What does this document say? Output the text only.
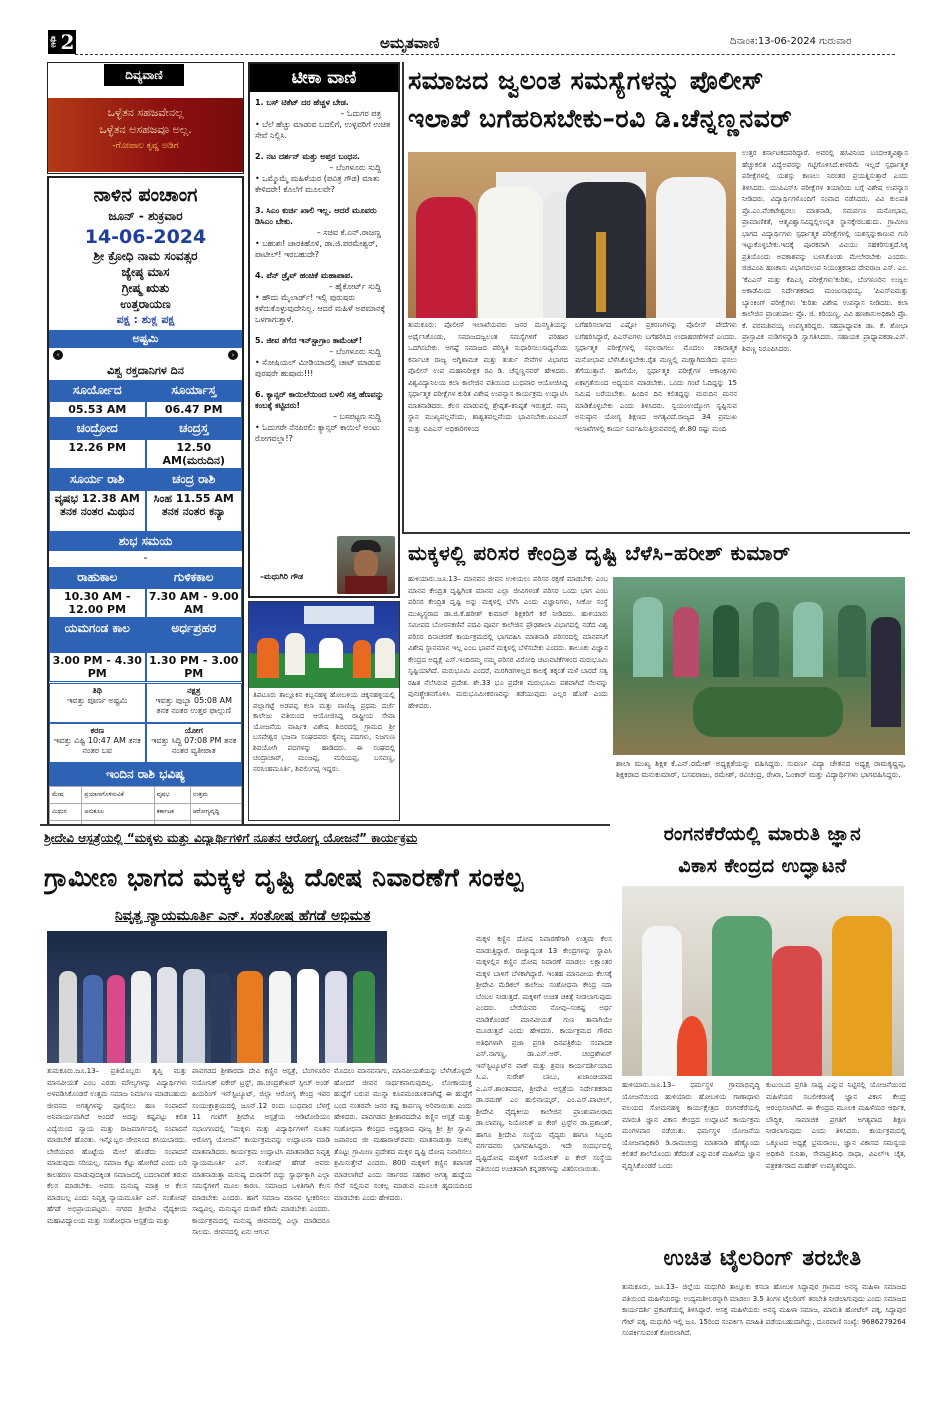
ಪುಟ 2	ಅಮೃತವಾಣಿ	ದಿನಾಂಕ:13-06-2024 ಗುರುವಾರ
ದಿವ್ಯವಾಣಿ
ಒಳ್ಳೆತನ ಸಹಜವೇನಲ್ಲ
ಒಳ್ಳೆತನ ಅಸಹಜವೂ ಅಲ್ಲ.
-ಗೋಪಾಲ ಕೃಷ್ಣ ಅಡಿಗ
ನಾಳಿನ ಪಂಚಾಂಗ
ಜೂನ್ - ಶುಕ್ರವಾರ
14-06-2024
ಶ್ರೀ ಕ್ರೋಧಿ ನಾಮ ಸಂವತ್ಸರ
ಜ್ಯೇಷ್ಠ ಮಾಸ
ಗ್ರೀಷ್ಮ ಋತು
ಉತ್ತರಾಯಣ
ಪಕ್ಷ : ಶುಕ್ಲ ಪಕ್ಷ
ಅಷ್ಟಮಿ
‹	›
ವಿಶ್ವ ರಕ್ತದಾನಿಗಳ ದಿನ
ಸೂರ್ಯೋದ	ಸೂರ್ಯಾಸ್ತ
05.53 AM	06.47 PM
ಚಂದ್ರೋದ	ಚಂದ್ರಸ್ತ
12.26 PM	12.50 AM(ಮರುದಿನ)
ಸೂರ್ಯ ರಾಶಿ	ಚಂದ್ರ ರಾಶಿ
ವೃಷಭ 12.38 AM ತನಕ ನಂತರ ಮಿಥುನ
ಸಿಂಹ 11.55 AM ತನಕ ನಂತರ ಕನ್ಯಾ
ಶುಭ ಸಮಯ
-
ರಾಹುಕಾಲ	ಗುಳಿಕಕಾಲ
10.30 AM - 12.00 PM
7.30 AM - 9.00 AM
ಯಮಗಂಡ ಕಾಲ	ಅರ್ಧಪ್ರಹರ
3.00 PM - 4.30 PM
1.30 PM - 3.00 PM
ತಿಥಿ
ಇವತ್ತು ಪೂರ್ಣ ಅಷ್ಟಮಿ
ನಕ್ಷತ್ರ
ಇವತ್ತು ಪುಬ್ಬಾ 05:08 AM ತನಕ ನಂತರ ಉತ್ತರ ಫಾಲ್ಗುಣಿ
ಕರಣ
ಇವತ್ತು ವಿಷ್ಟಿ 10:47 AM ತನಕ ನಂತರ ಬವ
ಯೋಗ
ಇವತ್ತು ಸಿದ್ಧಿ 07:08 PM ತನಕ ನಂತರ ವ್ಯತೀಪಾತ
ಇಂದಿನ ರಾಶಿ ಭವಿಷ್ಯ
ಮೇಷ	ಪ್ರಯಾಣಗೊಳಿಸುವಿಕೆ	ವೃಷಭ	ಉತ್ತಮ
ಮಿಥುನ	ಅನುಕೂಲ	ಕರ್ಕಾಟಕ	ಆರೋಗ್ಯವೃದ್ಧಿ

ಟೀಕಾ ವಾಣಿ
1. ಬಸ್ ಟಿಕೆಟ್ ದರ ಹೆಚ್ಚಳ ಬೇಡ.
– ಓದುಗರ ಪತ್ರ
• ಬೆಲೆ ಹೆಚ್ಚು ಮಾಡುವ ಬದಲಿಗೆ, ಉಳ್ಳವರಿಗೆ ಉಚಿತ ಸೇವೆ ನಿಲ್ಲಿಸಿ.
2. ನಟ ದರ್ಶನ್ ಮತ್ತು ಅಪ್ತರ ಬಂಧನ.
– ಬೆಂಗಳೂರು ಸುದ್ದಿ
• ಒಮ್ಮೊಮ್ಮೆ ಮಹಿಳೆಯರ (ಪವಿತ್ರ ಗೌಡ) ಮಾತು ಕೇಳಿದರೇ! ಕೊಲೆಗೆ ಮೂಲವೇ?
3. ಸಿಎಂ ಕುರ್ಚಿ ಖಾಲಿ ಇಲ್ಲ. ಆದರೆ ಮೂವರು ಡಿಸಿಎಂ ಬೇಕು.
– ಸಚಿವ ಕೆ.ಎನ್.ರಾಜಣ್ಣ
• ಬಹುಶಃ! ಜಾರಕಿಹೊಳಿ, ಡಾ.ಜಿ.ಪರಮೇಶ್ವರ್, ಪಾಟೀಲ್! ಇರಬಹುದೇ?
4. ಪೆನ್ ಡ್ರೈವ್ ಹಂಚಿಕೆ ಮಹಾಪಾಪ.
– ಹೈಕೋರ್ಟ್ ಸುದ್ದಿ
• ಹೌದು ಮೈಲಾರ್ಡ್! ಇಲ್ಲಿ ಪುರುಷರು ಕಳೆದುಕೊಳ್ಳುವುದೇನಿಲ್ಲ. ಆದರೆ ಮಹಿಳೆ ಅಪಮಾನಕ್ಕೆ ಒಳಗಾಗುತ್ತಾಳೆ.
5. ಜೀವ ತೆಗೆದ ಇನ್‌ಸ್ಟಾಗ್ರಾಂ ಕಾಮೆಂಟ್!
– ಬೆಂಗಳೂರು ಸುದ್ದಿ
• ಸೋಷಿಯಲ್ ಮೀಡಿಯಾದಲ್ಲಿ ಚಾಟ್ ಮಾಡುವ ಪುರಷರೇ ಹುಷಾರು!!!
6. ಕ್ಯಾನ್ಸರ್ ಕಾಯಿಲೆಯಿಂದ ಬಳಲಿ ಸತ್ತ ಹೆಣವನ್ನು ಕಂಬಕ್ಕೆ ಕಟ್ಟಿದರು!
– ಬಸಪಟ್ಟಣ ಸುದ್ದಿ
• ಓದುಗರೇ ನೆನಪಿರಲಿ: ಕ್ಯಾನ್ಸರ್ ಕಾಯಿಲೆ ಅಂಟು ರೋಗವಲ್ಲಾ!?
–ಮಧುಗಿರಿ ಗೌಡ
ತಿಪಟೂರು ತಾಲ್ಲೂಕಿನ ಕಿಬ್ಬನಹಳ್ಳಿ ಹೋಬಳಿಯ ಚಿಕ್ಕನಹಳ್ಳಿಯಲ್ಲಿ ಪಲ್ಲಾಗಟ್ಟೆ ಅಡವಪ್ಪ ಕಲಾ ಮತ್ತು ವಾಣಿಜ್ಯ ಪ್ರಥಮ ದರ್ಜೆ ಕಾಲೇಜು ವತಿಯಿಂದ ಆಯೋಜಿಸಿದ್ದ ರಾಷ್ಟ್ರೀಯ ಸೇವಾ ಯೋಜನೆಯ ವಾರ್ಷಿಕ ವಿಶೇಷ ಶಿಬಿರದಲ್ಲಿ ಗ್ರಾಮದ ಶ್ರೀ ಬಸವೇಶ್ವರ ಭಜನಾ ಸಂಘದವರು ಕೈವಲ್ಯ ಪದಗಳು, ನಿಜಗುಣ ಶಿವಯೋಗಿ ಪದಗಳನ್ನು ಹಾಡಿದರು. ಈ ಸಂಘದಲ್ಲಿ ಚಂದ್ರಾಚಾರ್, ಮಂಜಪ್ಪ, ಮರಿಯಪ್ಪ, ಬಸವಣ್ಣ, ನರಸಿಂಹಮೂರ್ತಿ, ಶಿವಲಿಂಗಪ್ಪ ಇದ್ದರು.
ಸಮಾಜದ ಜ್ವಲಂತ ಸಮಸ್ಯೆಗಳನ್ನು ಪೊಲೀಸ್
ಇಲಾಖೆ ಬಗೆಹರಿಸಬೇಕು–ರವಿ ಡಿ.ಚೆನ್ನಣ್ಣನವರ್
ತುಮಕೂರು: ಪೊಲೀಸ್ ಇಲಾಖೆಯವರು ಜನರ ಮನಸ್ಥಿತಿಯನ್ನು ಅರ್ಥೈಸಿಕೊಂಡು, ಸಮಾಜದಜ್ವಲಂತ ಸಮಸ್ಯೆಗಳಿಗೆ ಪರಿಹಾರ ಒದಗಿಸಬೇಕು. ಆಗಷ್ಟೆ ಸಮಾಜದ ಪರಿಸ್ಥಿತಿ ಸುಧಾರಿಸಲುಸಾಧ್ಯವೆಂದು ಕರ್ನಾಟಕ ರಾಜ್ಯ ಅಗ್ನಿಶಾಮಕ ಮತ್ತು ತುರ್ತು ಸೇವೆಗಳ ವಿಭಾಗದ ಪೊಲೀಸ್ ಉಪ ಮಹಾನಿರೀಕ್ಷಕ ರವಿ ಡಿ. ಚೆನ್ನಣ್ಣನವರ್ ಹೇಳಿದರು. ವಿಶ್ವವಿದ್ಯಾನಿಲಯ ಕಲಾ ಕಾಲೇಜಿನ ವತಿಯಿಂದ ಬುಧವಾರ ಆಯೋಜಿಸಿದ್ದ ಸ್ಪರ್ಧಾತ್ಮಕ ಪರೀಕ್ಷೆಗಳ ಕುರಿತ ವಿಶೇಷ ಉಪನ್ಯಾಸ ಕಾರ್ಯಕ್ರಮ ಉದ್ಘಾಟಿಸಿ ಮಾತನಾಡಿದರು. ಕೆಲಸ ಮಾಡುವಲ್ಲಿ ಶ್ರೇಷ್ಠತೆ–ಕನಿಷ್ಠತೆ ಇರುತ್ತದೆ. ನಮ್ಮ ಸ್ಥಾನ ಮುಖ್ಯವಲ್ಲವೆಂದು, ಶಾಶ್ವತವಲ್ಲವೆಂದು ಭಾವಿಸಬೇಕು.ಐಎಎಸ್ ಮತ್ತು ಐಪಿಎಸ್ ಅಧಿಕಾರಿಗಳಿಂದ
ಬಗೆಹರಿಸಲಾಗದ ಎಷ್ಟೋ ಪ್ರಕರಣಗಳನ್ನು ಪೊಲೀಸ್ ಪೇದೆಗಳು ಬಗೆಹರಿಸಿದ್ದಾರೆ, ಪಿಎಸ್‌ಐಗಳು ಬಗೆಹರಿಸಿದ ಉದಾಹರಣೆಗಳಿವೆ ಎಂದರು. ಸ್ಪರ್ಧಾತ್ಮಕ ಪರೀಕ್ಷೆಗಳಲ್ಲಿ ಸಫಲರಾಗಲು ಮೊದಲು ಸಕಾರಾತ್ಮಕ ಮನೋಭಾವ ಬೆಳೆಸಿಕೊಳ್ಳಬೇಕು.ರೈತ ಮಣ್ಣಲ್ಲಿ ಮಣ್ಣಾಗಿದುಡಿದು ಫಸಲು ತೆಗೆಯುತ್ತಾನೆ. ಹಾಗೆಯೇ, ಸ್ಪರ್ಧಾತ್ಮಕ ಪರೀಕ್ಷೆಗಳ ಆಕಾಂಕ್ಷಿಗಳು ಏಕಾಗ್ರತೆಯಿಂದ ಅಧ್ಯಯನ ಮಾಡಬೇಕು. ಒಂದು ಗಂಟೆ ಓದಿದ್ದನ್ನು 15 ನಿಮಿಷ ಬರೆಯಬೇಕು. ಹಿಂದಿನ ದಿನ ಕಲಿತದ್ದನ್ನು ಮರುದಿನ ಮನನ ಮಾಡಿಕೊಳ್ಳಬೇಕು ಎಂದು ತಿಳಿಸಿದರು. ಸ್ವಯಂಉದ್ಯೋಗ ಸೃಷ್ಟಿಸುವ ಅನುಷ್ಠಾನ ಯೋಗ್ಯ ಶಿಕ್ಷಣದ ಅಗತ್ಯವಿದೆ.ರಾಜ್ಯದ 34 ಪ್ರಮುಖ ಇಲಾಖೆಗಳಲ್ಲಿ ಕಾರ್ಯ ನಿರ್ವಹಿಸುತ್ತಿರುವವರಲ್ಲಿ ಶೇ.80 ರಷ್ಟು ಮಂದಿ
ಉತ್ತರ ಕರ್ನಾಟಕದವರಿದ್ದಾರೆ. ಅವರಲ್ಲಿ ಹಸಿವಿನಿಂದ ಬಂದಆತ್ಮವಿಶ್ವಾಸ ಹೆಚ್ಚುಕಲಿತ ವಿದ್ಯೆಅವರನ್ನು ಗಟ್ಟಿಗೊಳಿಸಿದೆ.ಕೀಳರಿಮೆ ಇಲ್ಲದೆ ಸ್ಪರ್ಧಾತ್ಮಕ ಪರೀಕ್ಷೆಗಳಲ್ಲಿ ಯಶಸ್ಸು ಕಾಣಲು ನಿರಂತರ ಪ್ರಯತ್ನಿಸುತ್ತಾರೆ ಎಂದು ತಿಳಿಸಿದರು. ಯುಪಿಎಸ್‌ಸಿ ಪರೀಕ್ಷೆಗಳ ತಯಾರಿಯ ಬಗ್ಗೆ ವಿಶೇಷ ಉಪನ್ಯಾಸ ನೀಡಿದರು. ವಿದ್ಯಾರ್ಥಿಗಳೊಂದಿಗೆ ಸಂವಾದ ನಡೆಸಿದರು. ವಿವಿ ಕುಲಪತಿ ಪ್ರೊ.ಎಂ.ವೆಂಕಟೇಶ್ವರಲು ಮಾತನಾಡಿ, ಸಮರ್ಪಣ ಮನೋಭಾವ, ಪ್ರಾಮಾಣಿಕತೆ, ಆತ್ಮವಿಶ್ವಾಸವಿದ್ದಲ್ಲಿಉನ್ನತ ಸ್ಥಾನಕ್ಕೇರಬಹುದು. ಗ್ರಾಮೀಣ ಭಾಗದ ವಿದ್ಯಾರ್ಥಿಗಳು ಸ್ಪರ್ಧಾತ್ಮಕ ಪರೀಕ್ಷೆಗಳಲ್ಲಿ ಯಶಸ್ಸನ್ನುಕಾಣುವ ಗುರಿ ಇಟ್ಟುಕೊಳ್ಳಬೇಕು.ಇದಕ್ಕೆ ಪೂರಕವಾಗಿ ವಿವಿಯು ಸಹಕರಿಸುತ್ತದೆ.ಸಿಕ್ಕ ಪ್ರತಿಯೊಂದು ಅವಕಾಶವನ್ನು ಬಳಸಿಕೊಂಡು ಮೇಲೇರಬೇಕು ಎಂದರು. ಜಿಜಿಎಂಪಿ ಹಣಕಾಸು ವಿಭಾಗದಉಪ ನಿಯಂತ್ರಕರಾದ ದೇವರಾಜ ಎಸ್. ಎಂ. 'ಕೆಎಎಸ್ ಮತ್ತು ಕೆಪಿಎಸ್ಸಿ ಪರೀಕ್ಷೆಗಳು'ಕುರಿತು, ಬೆಂಗಳೂರಿನ ಉಜ್ವಲ ಅಕಾಡೆಮಿಯ ನಿರ್ದೇಶಕರಾದ ಮಂಜುನಾಥಯ್ಯ. 'ಪಿಎಸ್‌ಐಮತ್ತು ಬ್ಯಾಂಕಿಂಗ್ ಪರೀಕ್ಷೆಗಳು 'ಕುರಿತು ವಿಶೇಷ ಉಪನ್ಯಾಸ ನೀಡಿದರು. ಕಲಾ ಕಾಲೇಜಿನ ಪ್ರಾಂಶುಪಾಲ ಪ್ರೊ. ಜಿ. ಕರಿಯಣ್ಣ, ವಿವಿ ಹಣಕಾಸುಅಧಿಕಾರಿ ಪ್ರೊ. ಕೆ. ಪರಮಶಿವಯ್ಯ ಉಪಸ್ಥಿತರಿದ್ದರು. ಸಹಪ್ರಾಧ್ಯಾಪಕಿ ಡಾ. ಕೆ. ಶೋಭಾ ಪ್ರಾಸ್ತಾವಿಕ ನುಡಿಗಳನ್ನಾಡಿ ಸ್ವಾಗತಿಸಿದರು. ಸಹಾಯಕ ಪ್ರಾಧ್ಯಾಪಕಡಾ.ಎಸ್. ಶಿವಣ್ಣ ನಿರೂಪಿಸಿದರು.
ಮಕ್ಕಳಲ್ಲಿ ಪರಿಸರ ಕೇಂದ್ರಿತ ದೃಷ್ಟಿ ಬೆಳೆಸಿ–ಹರೀಶ್ ಕುಮಾರ್
ಹುಳಿಯಾರು.ಜೂ.13– ಮಾನವನ ಜೀವನ ಉಳಿಯಲು ಪರಿಸರ ರಕ್ಷಣೆ ಮಾಡಬೇಕು ಎಂಬ ಮಾನವ ಕೇಂದ್ರಿತ ದೃಷ್ಟಿಗಿಂತ ಮಾನವ ಎಲ್ಲಾ ಜೀವಿಗಳಂತೆ ಪರಿಸರ ಒಂದು ಭಾಗ ಎಂಬ ಪರಿಸರ ಕೇಂದ್ರಿತ ದೃಷ್ಟಿ ಅನ್ನು ಮಕ್ಕಳಲ್ಲಿ ಬೆಳೆಸಿ ಎಂದು ವಿಜ್ಞಾನಿಗಳು, ಸೀಕೋ ಸಂಸ್ಥೆ ಮುಖ್ಯಸ್ಥರಾದ ಡಾ.ಜಿ.ಕೆ.ಹರೀಶ್ ಕುಮಾರ್ ಶಿಕ್ಷಕರಿಗೆ ಕರೆ ನೀಡಿದರು. ಹುಳಿಯಾರು ಸಮೀಪದ ಬೋರನಕಣಿವೆ ಪದವಿ ಪೂರ್ವ ಕಾಲೇಜಿನ ಪ್ರೌಢಶಾಲಾ ವಿಭಾಗದಲ್ಲಿ ನಡೆದ ವಿಶ್ವ ಪರಿಸರ ದಿನಾಚರಣೆ ಕಾರ್ಯಕ್ರಮದಲ್ಲಿ ಭಾಗವಹಿಸಿ ಮಾತನಾಡಿ ಪರಿಸರದಲ್ಲಿ ಮಾನವನಿಗೆ ವಿಶೇಷ ಸ್ಥಾನಮಾನ ಇಲ್ಲ ಎಂಬ ಭಾವನೆ ಮಕ್ಕಳಲ್ಲಿ ಬೆಳೆಸಬೇಕು ಎಂದರು. ತಾಲೂಕು ವಿಜ್ಞಾನ ಕೇಂದ್ರದ ಅಧ್ಯಕ್ಷೆ ಎಸ್.ಇಂದಿರಮ್ಮ ನಮ್ಮ ಪರಿಸರ ವಿರೋಧಿ ಚಟುವಟಿಕೆಗಳಿಂದ ಮರುಭೂಮಿ ಸೃಷ್ಟಿಯಾಗಿದೆ. ಮರುಭೂಮಿ ಎಂದರೆ, ಮರಗಿಡಗಳಿಲ್ಲದ ಕಾಲಕ್ಕೆ ತಕ್ಕಂತೆ ಮಳೆ ಬಾರದೆ ಸತ್ವ ರಹಿತ ನೆಲೆಸಿರುವ ಪ್ರದೇಶ. ಶೇ.33 ಭೂ ಪ್ರದೇಶ ಮರುಭೂಮಿ ವಶವಾಗಿದೆ ನೆಲವನ್ನು ಪುನಃಶ್ಚೇತನಗೊಳಿಸಿ ಮರುಭೂಮೀಕರಣವನ್ನು ತಡೆಯುವುದು ಎಲ್ಲರ ಹೊಣೆ ಎಂದು ಹೇಳಿದರು.
ಶಾಲಾ ಮುಖ್ಯ ಶಿಕ್ಷಕ ಕೆ.ಎನ್.ರಮೇಶ್ ಅಧ್ಯಕ್ಷತೆಯನ್ನು ವಹಿಸಿದ್ದರು. ಸುವರ್ಣ ವಿದ್ಯಾ ಚೇತನದ ಅಧ್ಯಕ್ಷ ರಾಮಕೃಷ್ಣಪ್ಪ, ಶಿಕ್ಷಕರಾದ ಮನುಕುಮಾರ್, ಬಸವರಾಜು, ರಮೇಶ್, ರವಿಚಂದ್ರ, ರೇಖಾ, ಓಂಕಾರ್ ಮತ್ತು ವಿದ್ಯಾರ್ಥಿಗಳು ಭಾಗವಹಿಸಿದ್ದರು.
ಶ್ರೀದೇವಿ ಆಸ್ಪತ್ರೆಯಲ್ಲಿ “ಮಕ್ಕಳು ಮತ್ತು ವಿದ್ಯಾರ್ಥಿಗಳಿಗೆ ನೂತನ ಆರೋಗ್ಯ ಯೋಜನೆ” ಕಾರ್ಯಕ್ರಮ
ಗ್ರಾಮೀಣ ಭಾಗದ ಮಕ್ಕಳ ದೃಷ್ಟಿ ದೋಷ ನಿವಾರಣೆಗೆ ಸಂಕಲ್ಪ
ನಿವೃತ್ತ ನ್ಯಾಯಮೂರ್ತಿ ಎನ್. ಸಂತೋಷ ಹೆಗಡೆ ಅಭಿಮತ
ತುಮಕೂರು.ಜೂ.13– ಪ್ರತಿಯೊಬ್ಬರು ತೃಪ್ತಿ ಮತ್ತು ಮಾನವೀಯತೆ ಎಂಬ ಎರಡು ಮೌಲ್ಯಗಳನ್ನು ವಿದ್ಯಾರ್ಥಿಗಳು ಅಳವಡಿಸಿಕೊಂಡರೆ ಉತ್ತಮ ಸಮಾಜ ನಿರ್ಮಾಣ ಮಾಡಬಹುದು ಜೀವನದ ಅಗತ್ಯಗಳನ್ನು ಪೂರೈಸಲು ಹಣ ಸಂಪಾದನೆ ಅನಿವಾರ್ಯವಾಗಿದೆ ಅಂದರೆ ಅದನ್ನು ಕಷ್ಟಪಟ್ಟು ಕಲಿತ ವಿದ್ಯೆಯಿಂದ ನ್ಯಾಯ ಮತ್ತು ರಾಜಮಾರ್ಗದಲ್ಲಿ ಸಂಪಾದನೆ ಮಾಡಬೇಕೆ ಹೊರತು. ಇನ್ನೊಬ್ಬರ ಜೇಬಿನಿಂದ ಕಸಿಯಬಾರದು. ಬೇರೆಯವರ ಹೊಟ್ಟೆಯ ಮೇಲೆ ಹೊಡೆದು ಸಂಪಾದನೆ ಮಾಡುವುದು ಸರಿಯಲ್ಲ. ಸಮಾಜ ಕೆಟ್ಟು ಹೋಗಿದೆ ಎಂದು ಬರಿ ಕಾಲಹರಣ ಮಾಡುವುದಕ್ಕಿಂತ ಸಮಾಜದಲ್ಲಿ ಬದಲಾವಣೆ ತರುವ ಕೆಲಸ ಮಾಡಬೇಕು. ಅವರು ಮನುಷ್ಯ ಮಾತ್ರ ಆ ಕೆಲಸ ಮಾಡಬಲ್ಲ ಎಂದು ನಿವೃತ್ತ ನ್ಯಾಯಮೂರ್ತಿ ಎನ್. ಸಂತೋಷ್ ಹೆಗಡೆ ಅಭಿಪ್ರಾಯಪಟ್ಟರು. ನಗರದ ಶ್ರೀದೇವಿ ವೈದ್ಯಕೀಯ ಮಹಾವಿದ್ಯಾಲಯ ಮತ್ತು ಸಂಶೋಧನಾ ಆಸ್ಪತ್ರೆಯ ಮತ್ತು
ಪಾವಗಡದ ಶ್ರೀಶಾರದಾ ದೇವಿ ಕಣ್ಣಿನ ಆಸ್ಪತ್ರೆ, ಬೆಂಗಳೂರಿನ ನಯೋನಿಕ್ ಐಕೇರ್ ಟ್ರಸ್ಟ್, ಡಾ.ಚಂದ್ರಶೇಖರ್ ಸ್ಪೀಚ್ ಅಂಡ್ ಹಿಯರಿಂಗ್ ಇನ್‌ಸ್ಟಿಟ್ಯೂಟ್, ಜಿಲ್ಲಾ ಆರೋಗ್ಯ ಕೇಂದ್ರ ಇವರ ಸಂಯುಕ್ತಾಶ್ರಯದಲ್ಲಿ ಜೂನ್.12 ರಂದು ಬುಧವಾರ ಬೆಳಗ್ಗೆ 11 ಗಂಟೆಗೆ ಶ್ರೀದೇವಿ ಆಸ್ಪತ್ರೆಯ ಆಡಿಟೋರಿಯಂ ಸಭಾಂಗಣದಲ್ಲಿ "ಮಕ್ಕಳು ಮತ್ತು ವಿದ್ಯಾರ್ಥಿಗಳಿಗೆ ನೂತನ ಆರೋಗ್ಯ ಯೋಜನೆ" ಕಾರ್ಯಕ್ರಮವನ್ನು ಉದ್ಘಾಟನಾ ಮಾಡಿ ಮಾತನಾಡಿದರು. ಕಾರ್ಯಕ್ರಮ ಉದ್ಘಾಟಿಸಿ ಮಾತನಾಡಿದ ನಿವೃತ್ತ ನ್ಯಾಯಮೂರ್ತಿ ಎನ್. ಸಂತೋಷ್ ಹೆಗಡೆ ಅವರು ಮಾತನಾಡುತ್ತಾ ಮನುಷ್ಯ ದುರಾಸೆಗೆ ಬಿದ್ದು ಸ್ವಾರ್ಥಕ್ಕಾಗಿ ಎಲ್ಲಾ ಸಮಸ್ಯೆಗಳಿಗೆ ಮೂಲ ಕಾರಣ. ಸಮಾಜದ ಒಳಿತಿಗಾಗಿ ಕೆಲಸ ಮಾಡಬೇಕು ಎಂದರು. ಹಾಗೆ ಸಮಾಜ ಮಾನವ ಸ್ವೀಕರಿಸಲು ಸಾಧ್ಯವಿಲ್ಲ. ಮನುಷ್ಯನ ದುರಾಸೆ ಕಡಿಮೆ ಮಾಡಬೇಕು ಎಂದರು. ಕಾರ್ಯಕ್ರಮದಲ್ಲಿ ಮನುಷ್ಯ ಜೀವನದಲ್ಲಿ ಎಲ್ಲಾ ಮಾಡಿದರೂ ಸಾಲದು. ಜೀವನದಲ್ಲಿ ಏನು ಆಗುವ
ಮೊದಲು ಮಾನವನಾಗು, ಮಾನವೀಯತೆಯನ್ನು ಬೆಳೆಸಿಕೊಳ್ಳದೇ ಹೋದರೆ ಜೀವನ ಸಾರ್ಥಕವಾಗುವುದಿಲ್ಲ. ಲೋಕಾಯುಕ್ತ ಹುದ್ದೆಗೆ ಬರುವ ಮುನ್ನಾ ಕೂಪಮಂಡೂಕನಾಗಿದ್ದೆ ಈ ಹುದ್ದೆಗೆ ಬಂದ ನಂತರವೇ ಜನರ ಕಷ್ಟ ಕಾರ್ಪಣ್ಯ ಅರಿವಾಯಿತು ಎಂದು ಹೇಳಿದರು. ಪಾವಗಡದ ಶ್ರೀಶಾರದದೇವಿ ಕಣ್ಣಿನ ಆಸ್ಪತ್ರೆ ಮತ್ತು ಸಂಶೋಧನಾ ಕೇಂದ್ರದ ಅಧ್ಯಕ್ಷರಾದ ಪೂಜ್ಯ ಶ್ರೀ ಶ್ರೀ ಸ್ವಾಮಿ ಜಪಾನಂದ ಜೀ ಮಹಾರಾಜ್‌ರವರು ಮಾತನಾಡುತ್ತಾ ಸಂಕಲ್ಪ ತೊಟ್ಟು ಗ್ರಾಮೀಣ ಪ್ರದೇಶದ ಮಕ್ಕಳ ದೃಷ್ಟಿ ದೋಷ ನಿವಾರಿಸಲು ಶ್ರಮಿಸುತ್ತೇವೆ ಎಂದರು. 800 ಮಕ್ಕಳಿಗೆ ಕಣ್ಣಿನ ತಪಾಸಣೆ ಮಾಡಲಾಗಿದೆ ಎಂದು ಸರ್ಕಾರದ ಸಹಕಾರ ಅಗತ್ಯ ಹುದ್ದೆಯ ಸೇವೆ ಸಲ್ಲಿಸುವ ಸಂಕಲ್ಪ ಮಾಡುವ ಮೂಲಕ ಹೃದಯದಿಂದ ಮಾಡಬೇಕು ಎಂದು ಹೇಳಿದರು.
ಮಕ್ಕಳ ಕಣ್ಣಿನ ದೋಷ ನಿವಾರಣೆಗಾಗಿ ಉತ್ತಮ ಕೆಲಸ ಮಾಡುತ್ತಿದ್ದಾರೆ. ರಾಜ್ಯಾದ್ಯಂತ 13 ಕೇಂದ್ರಗಳನ್ನು ಸ್ಥಾಪಿಸಿ ಮಕ್ಕಳಲ್ಲಿನ ಕಣ್ಣಿನ ದೋಷ ನಿವಾರಣೆ ಮಾಡಲು ಲಕ್ಷಾಂತರ ಮಕ್ಕಳ ಬಾಳಿಗೆ ಬೆಳಕಾಗಿದ್ದಾರೆ. ಇಂತಹ ಮಾನವೀಯ ಕೆಲಸಕ್ಕೆ ಶ್ರೀದೇವಿ ಮೆಡಿಕಲ್ ಕಾಲೇಜು ಸಂಶೋಧನಾ ಕೇಂದ್ರ ಸದಾ ಬೆಂಬಲ ನೀಡುತ್ತದೆ. ಮಕ್ಕಳಿಗೆ ಉಚಿತ ಚಿಕಿತ್ಸೆ ನೀಡಲಾಗುವುದು ಎಂದರು. ಬೇರೆಯವರ ನೋವು–ಸಂಕಷ್ಟ ಅರ್ಥ ಮಾಡಿಕೊಂಡರೆ ಮಾನವೀಯತೆ ಗುಣ ತಾನಾಗಿಯೇ ಮೂಡುತ್ತದೆ ಎಂದು ಹೇಳಿದರು. ಕಾರ್ಯಕ್ರಮದ ಗೌರವ ಅತಿಥಿಗಳಾಗಿ ಪ್ರಜಾ ಪ್ರಗತಿ ದಿನಪತ್ರಿಕೆಯ ಸಂಪಾದಕ ಎಸ್.ನಾಗಣ್ಣ, ಡಾ.ಎಸ್.ಆರ್. ಚಂದ್ರಶೇಖರ್ ಇನ್‌ಸ್ಟಿಟ್ಯೂಟ್‌ನ ವಾಕ್ ಮತ್ತು ಶ್ರವಣ ಕಾರ್ಯದರ್ಶಿಯಾದ ಸಿ.ಎ. ಸುರೇಶ್ ಬಾಬು, ಖಜಾಂಚಿಯಾದ ಎ.ಎಸ್.ಶಾಂತವದನ, ಶ್ರೀದೇವಿ ಆಸ್ಪತ್ರೆಯ ನಿರ್ದೇಶಕರಾದ ಡಾ.ರಮಣ್ ಎಂ ಹುಲಿನಾಯ್ಕರ್, ಎಂ.ಎಸ್.ಪಾಟೀಲ್, ಶ್ರೀದೇವಿ ವೈದ್ಯಕೀಯ ಕಾಲೇಜಿನ ಪ್ರಾಂಶುಪಾಲರಾದ ಡಾ.ಲಾವಣ್ಯ, ನಿಯೋನಿಕ್ ಐ ಕೇರ್ ಟ್ರಸ್ಟ್‌ನ ಡಾ.ಪ್ರಶಾಂತ್, ಹಾಗೂ ಶ್ರೀದೇವಿ ಸಂಸ್ಥೆಯ ವೈದ್ಯರು ಹಾಗೂ ಸಿಬ್ಬಂದಿ ವರ್ಗದವರು ಭಾಗವಹಿಸಿದ್ದರು. ಇದೇ ಸಂದರ್ಭದಲ್ಲಿ ದೃಷ್ಟಿದೋಷ ಮಕ್ಕಳಿಗೆ ನಿಯೋನಿಕ್ ಐ ಕೇರ್ ಸಂಸ್ಥೆಯ ವತಿಯಿಂದ ಉಚಿತವಾಗಿ ಕನ್ನಡಕಗಳನ್ನು ವಿತರಿಸಲಾಯಿತು.
ರಂಗನಕೆರೆಯಲ್ಲಿ ಮಾರುತಿ ಜ್ಞಾನ
ವಿಕಾಸ ಕೇಂದ್ರದ ಉದ್ಘಾಟನೆ
ಹುಳಿಯಾರು.ಜೂ.13– ಧರ್ಮಸ್ಥಳ ಗ್ರಾಮಾಭಿವೃದ್ಧಿ ಯೋಜನೆಯಿಂದ ಹುಳಿಯಾರು ಹೋಬಳಿಯ ಗಾಣಾಧಾಳು ವಲಯದ ಸೋಮನಹಳ್ಳಿ ಕಾರ್ಯಕ್ಷೇತ್ರದ ರಂಗನಕೆರೆಯಲ್ಲಿ ಮಾರುತಿ ಜ್ಞಾನ ವಿಕಾಸ ಕೇಂದ್ರದ ಉದ್ಘಾಟನೆ ಕಾರ್ಯಕ್ರಮ ಮಂಗಳವಾರ ನಡೆಯಿತು. ಧರ್ಮಸ್ಥಳ ಯೋಜನೆಯ ಯೋಜನಾಧಿಕಾರಿ ಡಿ.ರಾಮಚಂದ್ರ ಮಾತನಾಡಿ ಹೆಣ್ಣೊಂದು ಕಲಿತರೆ ಶಾಲೆಯೊಂದು ತೆರೆದಂತೆ ಎನ್ನುವಂತೆ ಮಹಿಳೆಯ ಜ್ಞಾನ ವೃದ್ಧಿಸಿಕೊಂಡರೆ ಒಂದು
ಕುಟುಂಬದ ಪ್ರಗತಿ ಸಾಧ್ಯ ಎನ್ನುವ ನಿಟ್ಟಿನಲ್ಲಿ ಯೋಜನೆಯಿಂದ ಮಹಿಳೆಯರ ಸಬಲೀಕರಣಕ್ಕೆ ಜ್ಞಾನ ವಿಕಾಸ ಕೇಂದ್ರ ಆರಂಭಿಸಲಾಗಿದೆ. ಈ ಕೇಂದ್ರದ ಮೂಲಕ ಮಹಿಳೆಯರ ಆರ್ಥಿಕ, ಬೌದ್ಧಿಕ, ಸಾಮಾಜಿಕ ಪ್ರಗತಿಗೆ ಅಗತ್ಯವಾದ ಶಿಕ್ಷಣ ನೀಡಲಾಗುವುದು ಎಂದು ತಿಳಿಸಿದರು. ಕಾರ್ಯಕ್ರಮದಲ್ಲಿ ಒಕ್ಕೂಟದ ಅಧ್ಯಕ್ಷೆ ಭ್ರಮರಾಂಬ, ಜ್ಞಾನ ವಿಕಾಸದ ಸಮನ್ವಯ ಅಧಿಕಾರಿ ಸುನಿತಾ, ಸೇವಾಪ್ರತಿನಿಧಿ ರಾಧಾ, ವಿಎಲ್ಇ ಚೈತ, ಪತ್ರಕರ್ತರಾದ ಮಹೇಶ್ ಉಪಸ್ಥಿತರಿದ್ದರು.
ಉಚಿತ ಟೈಲರಿಂಗ್ ತರಬೇತಿ
ತುಮಕೂರು, ಜೂ.13– ಜಿಲ್ಲೆಯ ಮಧುಗಿರಿ ತಾಲ್ಲೂಕು ಕಸಬಾ ಹೋಬಳಿ ಸಿದ್ಧಾಪುರ ಗ್ರಾಮದ ಅನನ್ಯ ಮಹಿಳಾ ಸಮಾಜದ ವತಿಯಿಂದ ಮಹಿಳೆಯರನ್ನು ಉದ್ಯಮಶೀಲರನ್ನಾಗಿ ಮಾಡಲು 3.5 ತಿಂಗಳ ಟೈಲರಿಂಗ್ ತರಬೇತಿ ನೀಡಲಾಗುವುದು ಎಂದು ಸಮಾಜದ ಕಾರ್ಯದರ್ಶಿ ಪ್ರಕಟಣೆಯಲ್ಲಿ ತಿಳಿಸಿದ್ದಾರೆ. ಆಸಕ್ತ ಮಹಿಳೆಯರು ಅನನ್ಯ ಮಹಿಳಾ ಸಮಾಜ, ಮಾರುತಿ ಹೋಟೆಲ್ ಪಕ್ಕ, ಸಿದ್ಧಾಪುರ ಗೇಟ್ ಪಕ್ಕ, ಮಧುಗಿರಿ ಇಲ್ಲಿ ಜೂ. 15ರಿಂದ ಸಂಪರ್ಕಿಸಿ ಮಾಹಿತಿ ಪಡೆಯಬಹುದಾಗಿದ್ದು, ದೂರವಾಣಿ ಸಂಖ್ಯೆ: 9686279264 ಸಂಪರ್ಕಿಸುವಂತೆ ಕೋರಲಾಗಿದೆ.
